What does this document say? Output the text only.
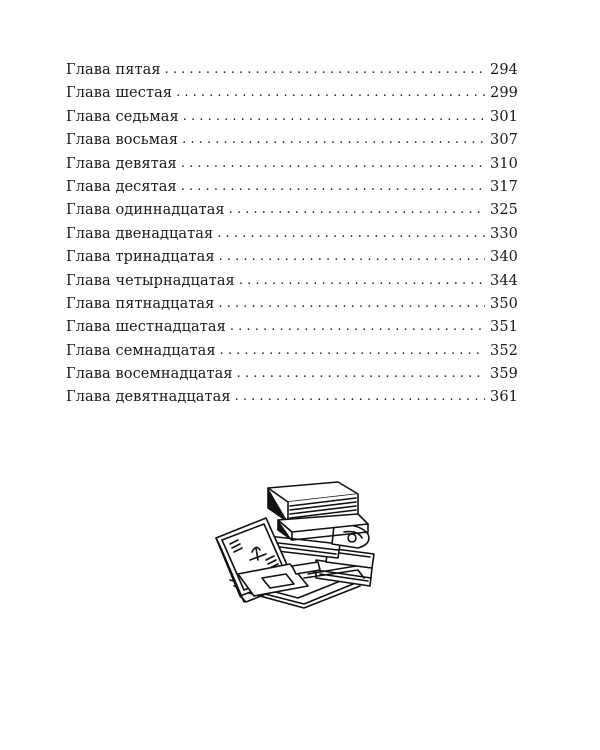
Глава пятая . . .	294
Глава шестая . . .	299
Глава седьмая . . .	301
Глава восьмая . . .	307
Глава девятая . . .	310
Глава десятая . . .	317
Глава одиннадцатая . . .	325
Глава двенадцатая . . .	330
Глава тринадцатая . . .	340
Глава четырнадцатая . . .	344
Глава пятнадцатая . . .	350
Глава шестнадцатая . . .	351
Глава семнадцатая . . .	352
Глава восемнадцатая . . .	359
Глава девятнадцатая . . .	361
